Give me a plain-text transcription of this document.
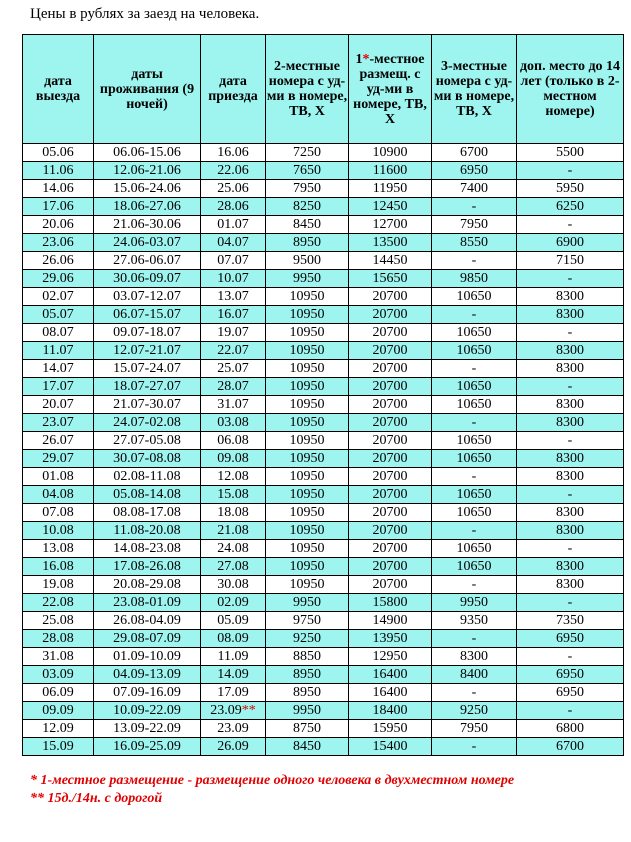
Цены в рублях за заезд на человека.
дата выезда	даты проживания (9 ночей)	дата приезда	2-местные номера с уд-ми в номере, ТВ, Х	1*-местное размещ. с уд-ми в номере, ТВ, Х	3-местные номера с уд-ми в номере, ТВ, Х	доп. место до 14 лет (только в 2-местном номере)
05.06	06.06-15.06	16.06	7250	10900	6700	5500
11.06	12.06-21.06	22.06	7650	11600	6950	-
14.06	15.06-24.06	25.06	7950	11950	7400	5950
17.06	18.06-27.06	28.06	8250	12450	-	6250
20.06	21.06-30.06	01.07	8450	12700	7950	-
23.06	24.06-03.07	04.07	8950	13500	8550	6900
26.06	27.06-06.07	07.07	9500	14450	-	7150
29.06	30.06-09.07	10.07	9950	15650	9850	-
02.07	03.07-12.07	13.07	10950	20700	10650	8300
05.07	06.07-15.07	16.07	10950	20700	-	8300
08.07	09.07-18.07	19.07	10950	20700	10650	-
11.07	12.07-21.07	22.07	10950	20700	10650	8300
14.07	15.07-24.07	25.07	10950	20700	-	8300
17.07	18.07-27.07	28.07	10950	20700	10650	-
20.07	21.07-30.07	31.07	10950	20700	10650	8300
23.07	24.07-02.08	03.08	10950	20700	-	8300
26.07	27.07-05.08	06.08	10950	20700	10650	-
29.07	30.07-08.08	09.08	10950	20700	10650	8300
01.08	02.08-11.08	12.08	10950	20700	-	8300
04.08	05.08-14.08	15.08	10950	20700	10650	-
07.08	08.08-17.08	18.08	10950	20700	10650	8300
10.08	11.08-20.08	21.08	10950	20700	-	8300
13.08	14.08-23.08	24.08	10950	20700	10650	-
16.08	17.08-26.08	27.08	10950	20700	10650	8300
19.08	20.08-29.08	30.08	10950	20700	-	8300
22.08	23.08-01.09	02.09	9950	15800	9950	-
25.08	26.08-04.09	05.09	9750	14900	9350	7350
28.08	29.08-07.09	08.09	9250	13950	-	6950
31.08	01.09-10.09	11.09	8850	12950	8300	-
03.09	04.09-13.09	14.09	8950	16400	8400	6950
06.09	07.09-16.09	17.09	8950	16400	-	6950
09.09	10.09-22.09	23.09**	9950	18400	9250	-
12.09	13.09-22.09	23.09	8750	15950	7950	6800
15.09	16.09-25.09	26.09	8450	15400	-	6700
* 1-местное размещение - размещение одного человека в двухместном номере
** 15д./14н. с дорогой
